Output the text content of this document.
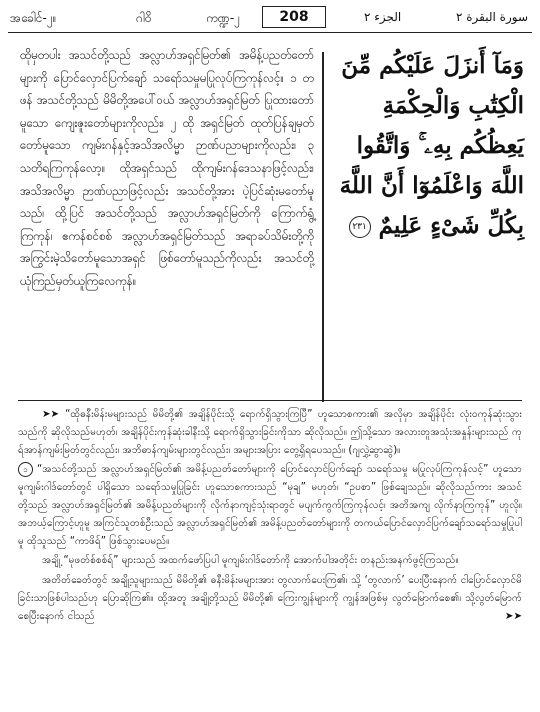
အခေါင်-၂။	ဂါဝိ	ကဏ္ဍ-၂	208	الجزء ٢	سورة البقرة ٢

ထိုမှတပါး အသင်တို့သည် အလ္လာဟ်အရှင်မြတ်၏ အမိန့်ပညတ်တော်များကို ပြောင်လှောင်ပြက်ချော် သရော်သမှုမပြုလုပ်ကြကုန်လင့်။ ၁ တဖန် အသင်တို့သည် မိမိတို့အပေါ်ဝယ် အလ္လာဟ်အရှင်မြတ် ပြုထားတော်မူသော ကျေးဇူးတော်များကိုလည်း၊ ၂ ထို အရှင်မြတ် ထုတ်ပြန်ချမှတ်တော်မူသော ကျမ်းဂန်နှင့်အသိအလိမ္မာ ဉာဏ်ပညာများကိုလည်း၊ ၃ သတိရကြကုန်လော့။ ထိုအရှင်သည် ထိုကျမ်းဂန်ဒေသနာဖြင့်လည်း၊ အသိအလိမ္မာ ဉာဏ်ပညာဖြင့်လည်း အသင်တို့အား ပဲ့ပြင်ဆုံးမတော်မူသည်၊ ထို့ပြင် အသင်တို့သည် အလ္လာဟ်အရှင်မြတ်ကို ကြောက်ရွံ့ကြကုန်၊ ဧကန်စင်စစ် အလ္လာဟ်အရှင်မြတ်သည် အရာခပ်သိမ်းတို့ကို အကြွင်းမဲ့သိတော်မူသောအရှင် ဖြစ်တော်မူသည်ကိုလည်း အသင်တို့ ယုံကြည်မှတ်ယူကြလေကုန်။

وَمَآ أَنزَلَ عَلَيْكُم مِّنَ الْكِتَٰبِ وَالْحِكْمَةِ يَعِظُكُم بِهِۦ ۚ وَاتَّقُوا اللَّهَ وَاعْلَمُوٓا أَنَّ اللَّهَ بِكُلِّ شَىْءٍ عَلِيمٌ ٢٣١

➤➤ “ထိုဓနီးမိန်းမများသည် မိမိတို့၏ အချိန်ပိုင်းသို့ ရောက်ရှိသွားကြပြီ” ဟူသောစကား၏ အလိုမှာ အချိန်ပိုင်း လုံးဝကုန်ဆုံးသွားသည်ကို ဆိုလိုသည်မဟုတ်၊ အချိန်ပိုင်းကုန်ဆုံးခါနီးသို့ ရောက်ရှိသွားခြင်းကိုသာ ဆိုလိုသည်။ ဤသို့သော အလားတူအသုံးအနှုန်းများသည် ကုရ်အာန်ကျမ်းမြတ်တွင်လည်း၊ အဘိဓာန်ကျမ်းများတွင်လည်း၊ အများအပြား တွေ့ရှိရပေသည်။ (ဂျလွှဲ့ဆွာဆွဲ)။

၁ “အသင်တို့သည် အလ္လာဟ်အရှင်မြတ်၏ အမိန့်ပညတ်တော်များကို ပြောင်လှောင်ပြက်ချော် သရော်သမှု မပြုလုပ်ကြကုန်လင့်” ဟူသော မူကျမ်းဂါဒ်တော်တွင် ပါရှိသော သရော်သမှုပြုခြင်း ဟူသောစကားသည် “မုချ” မဟုတ်၊ “ဥပစာ” ဖြစ်ချေသည်။ ဆိုလိုသည်ကား အသင်တို့သည် အလ္လာဟ်အရှင်မြတ်၏ အမိန့်ပညတ်များကို လိုက်နာကျင့်သုံးရာတွင် မပျက်ကွက်ကြကုန်လင့်၊ အတိအကျ လိုက်နာကြကုန်” ဟူလို။ အဘယ့်ကြောင့်ဟူမူ အကြင်သူတစ်ဦးသည် အလ္လာဟ်အရှင်မြတ်၏ အမိန့်ပညတ်တော်များကို တကယ်ပြောင်လှောင်ပြက်ချော်သရော်သမှုပြုပါမူ ထိုသူသည် “ကာဖိရ်” ဖြစ်သွားပေမည်။

အချို့ “မုဖတ်စ်စစ်ရ်” များသည် အထက်ဖော်ပြပါ မူကျမ်းဂါဒ်တော်ကို အောက်ပါအတိုင်း တနည်းအနက်ဖွင့်ကြသည်။

အတိတ်ခေတ်တွင် အချို့သူများသည် မိမိတို့၏ ဓနီးမိန်းမများအား တွလာက်ပေးကြ၏၊ သို့ ‘တွလာက်’ ပေးပြီးနောက် ငါပြောင်လှောင်မိခြင်းသာဖြစ်ပါသည်ဟု ပြောဆိုကြ၏။ ထို့အတူ အချို့တို့သည် မိမိတို့၏ ကြေးကျွန်များကို ကျွန်အဖြစ်မှ လွတ်မြောက်စေ၏၊ သို့လွတ်မြောက်စေပြီးနောက် ငါသည်	➤➤
